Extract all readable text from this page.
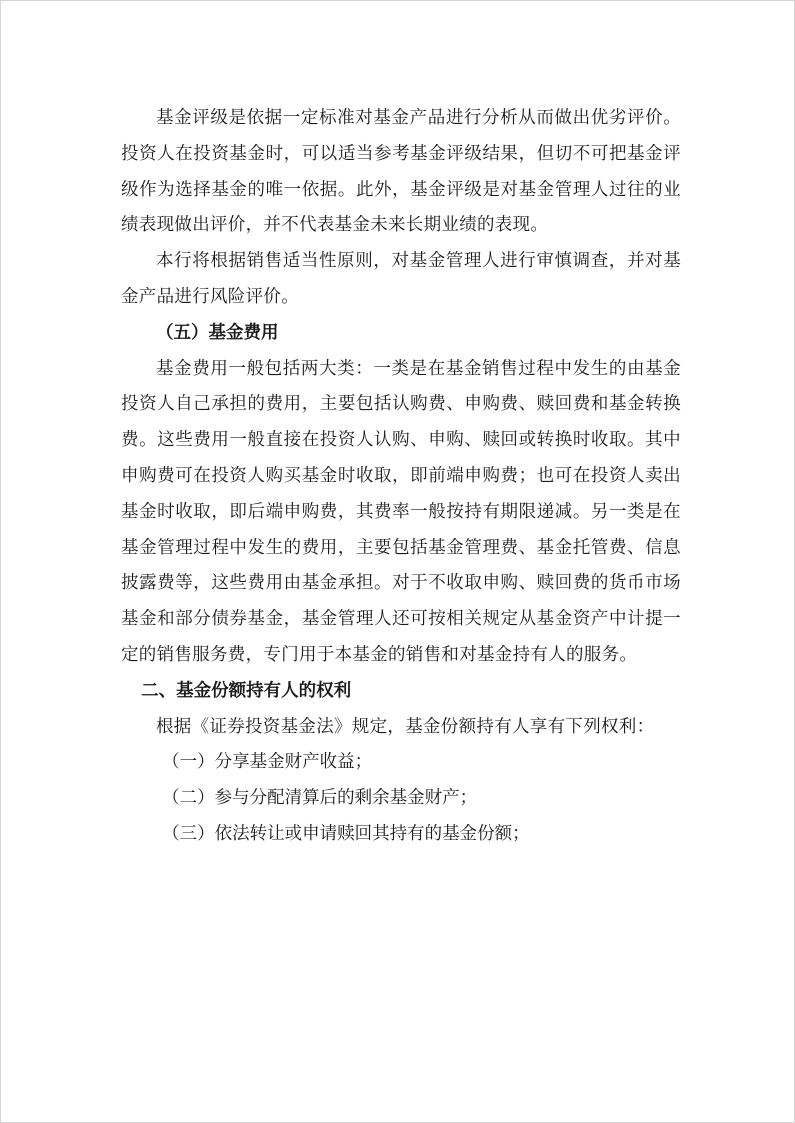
基金评级是依据一定标准对基金产品进行分析从而做出优劣评价。投资人在投资基金时，可以适当参考基金评级结果，但切不可把基金评级作为选择基金的唯一依据。此外，基金评级是对基金管理人过往的业绩表现做出评价，并不代表基金未来长期业绩的表现。

本行将根据销售适当性原则，对基金管理人进行审慎调查，并对基金产品进行风险评价。

（五）基金费用

基金费用一般包括两大类：一类是在基金销售过程中发生的由基金投资人自己承担的费用，主要包括认购费、申购费、赎回费和基金转换费。这些费用一般直接在投资人认购、申购、赎回或转换时收取。其中申购费可在投资人购买基金时收取，即前端申购费；也可在投资人卖出基金时收取，即后端申购费，其费率一般按持有期限递减。另一类是在基金管理过程中发生的费用，主要包括基金管理费、基金托管费、信息披露费等，这些费用由基金承担。对于不收取申购、赎回费的货币市场基金和部分债券基金，基金管理人还可按相关规定从基金资产中计提一定的销售服务费，专门用于本基金的销售和对基金持有人的服务。

二、基金份额持有人的权利

根据《证券投资基金法》规定，基金份额持有人享有下列权利：

（一）分享基金财产收益；

（二）参与分配清算后的剩余基金财产；

（三）依法转让或申请赎回其持有的基金份额；
